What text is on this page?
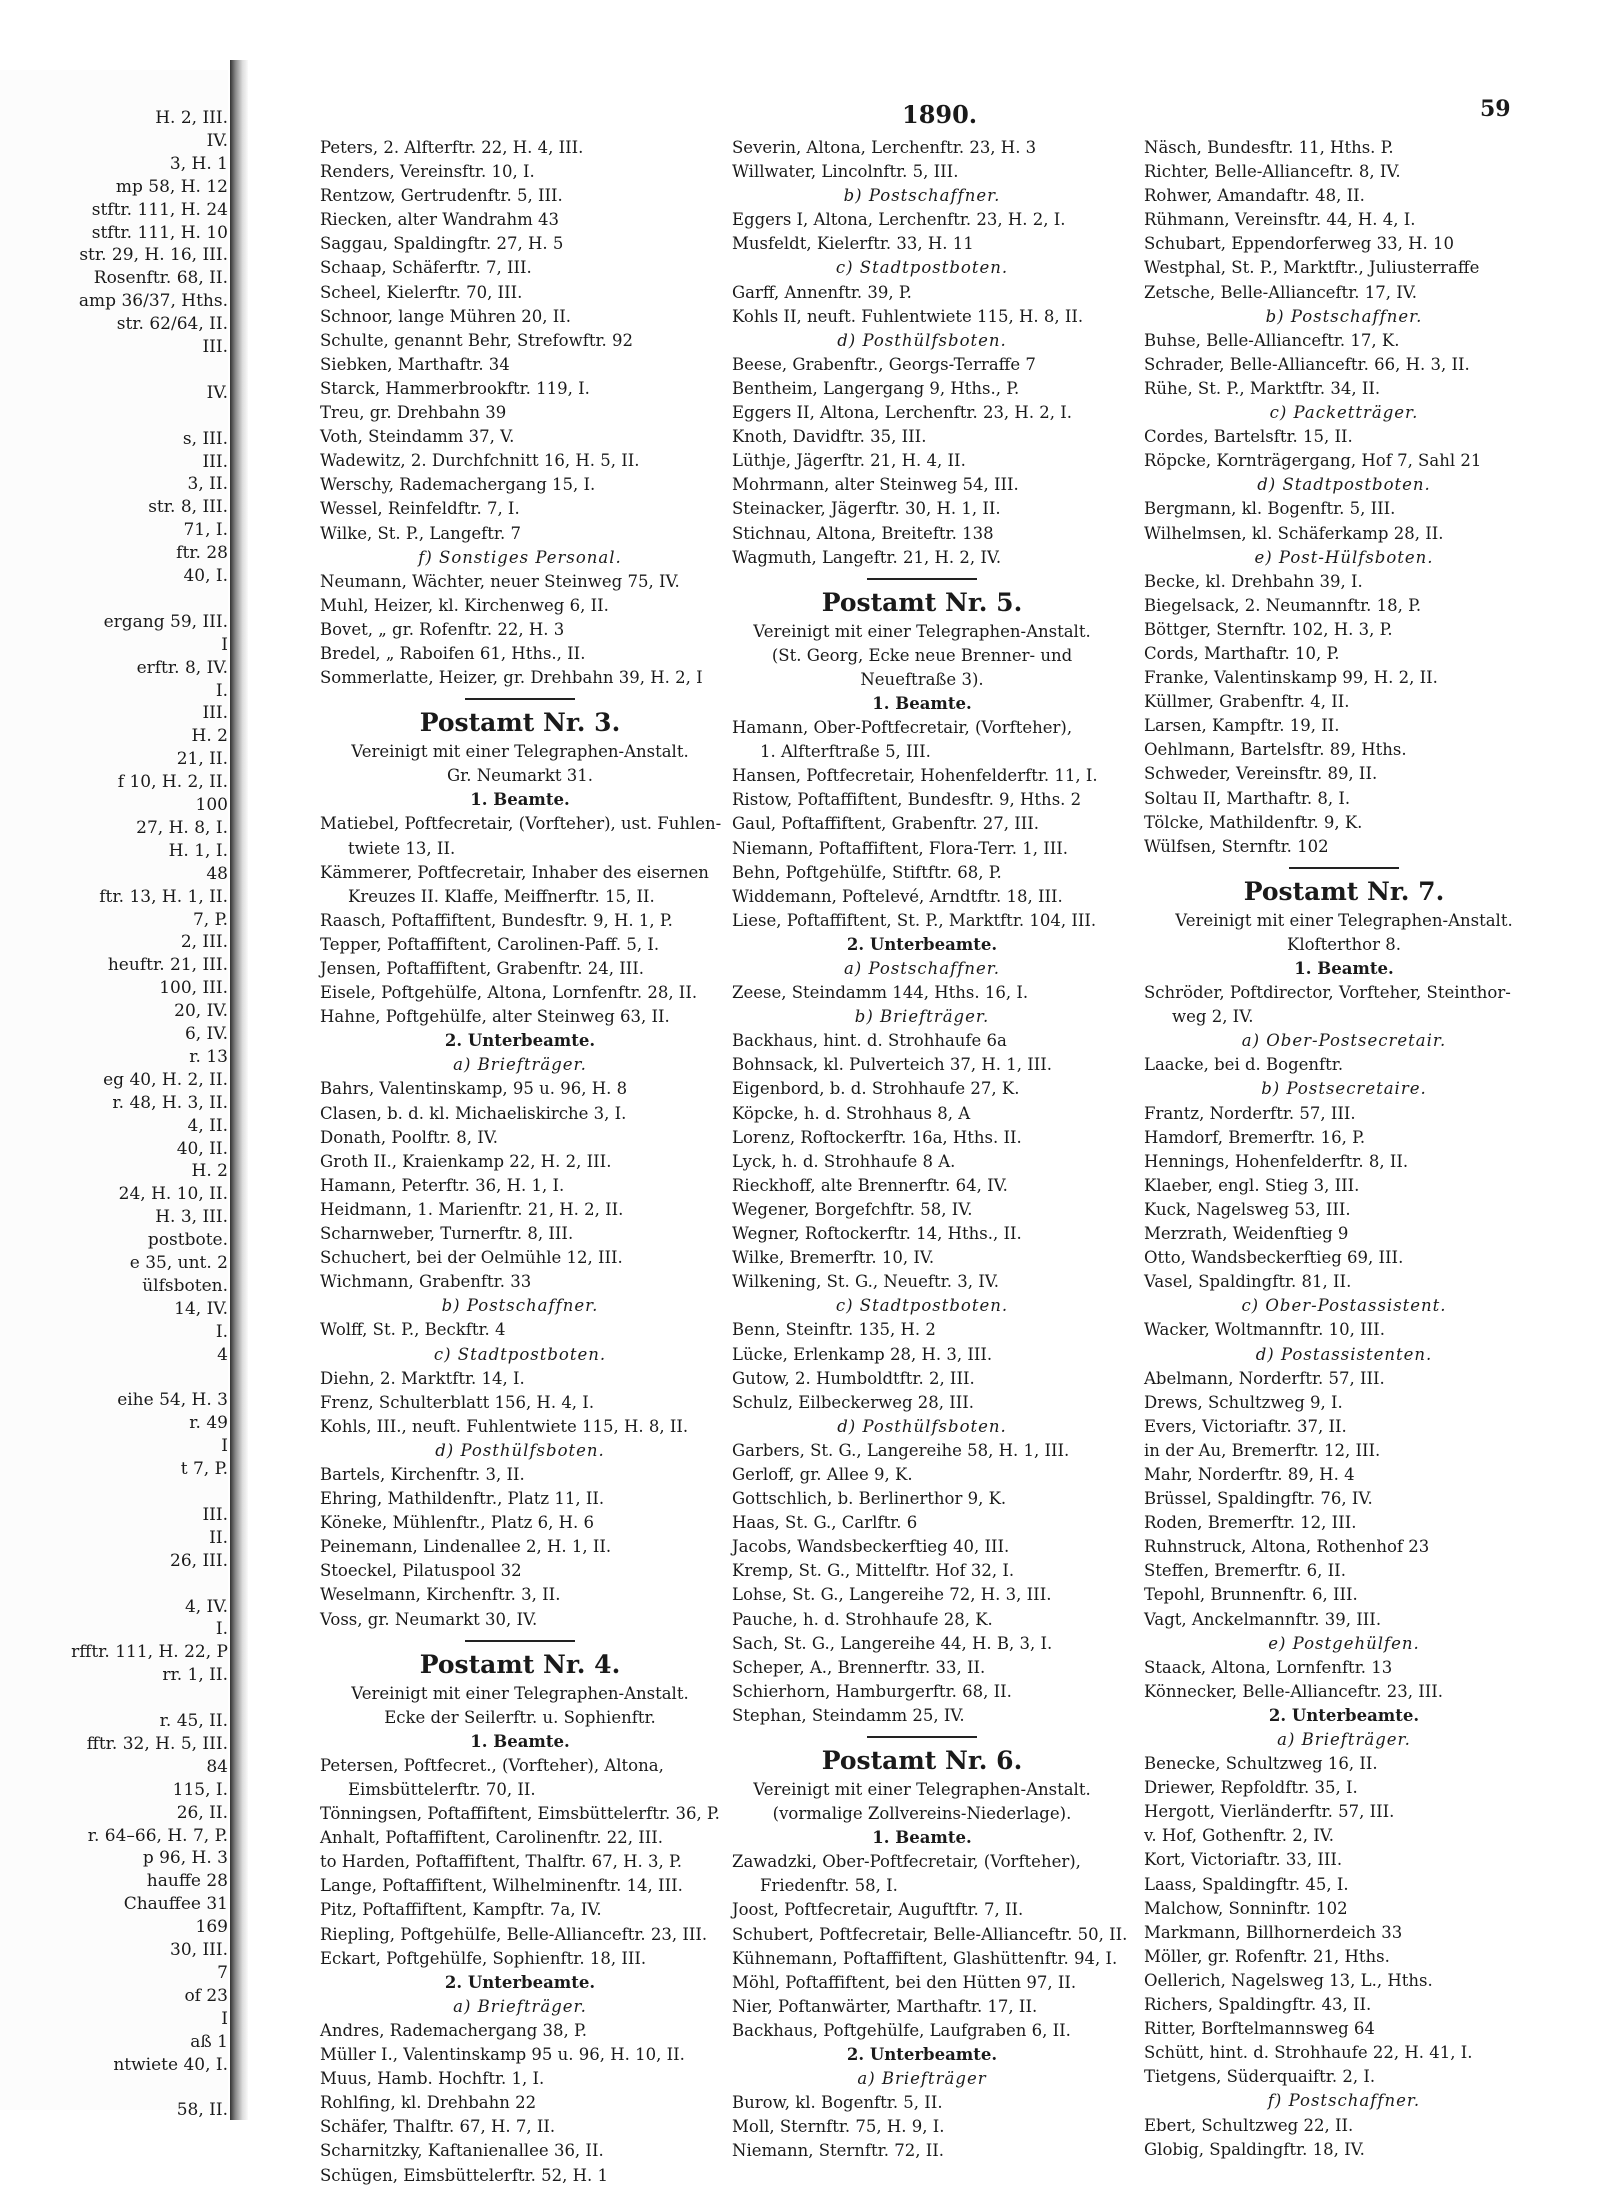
H. 2, III.
IV.
3, H. 1
mp 58, H. 12
stftr. 111, H. 24
stftr. 111, H. 10
str. 29, H. 16, III.
Rosenftr. 68, II.
amp 36/37, Hths.
str. 62/64, II.
III.
IV.
s, III.
III.
3, II.
str. 8, III.
71, I.
ftr. 28
40, I.
ergang 59, III.
I
erftr. 8, IV.
I.
III.
H. 2
21, II.
f 10, H. 2, II.
100
27, H. 8, I.
H. 1, I.
48
ftr. 13, H. 1, II.
7, P.
2, III.
heuftr. 21, III.
100, III.
20, IV.
6, IV.
r. 13
eg 40, H. 2, II.
r. 48, H. 3, II.
4, II.
40, II.
H. 2
24, H. 10, II.
H. 3, III.
postbote.
e 35, unt. 2
ülfsboten.
14, IV.
I.
4
eihe 54, H. 3
r. 49
I
t 7, P.
III.
II.
26, III.
4, IV.
I.
rfftr. 111, H. 22, P
rr. 1, II.
r. 45, II.
fftr. 32, H. 5, III.
84
115, I.
26, II.
r. 64–66, H. 7, P.
p 96, H. 3
hauffe 28
Chauffee 31
169
30, III.
7
of 23
I
aß 1
ntwiete 40, I.
58, II.
1890.	59
Peters, 2. Alfterftr. 22, H. 4, III.
Renders, Vereinsftr. 10, I.
Rentzow, Gertrudenftr. 5, III.
Riecken, alter Wandrahm 43
Saggau, Spaldingftr. 27, H. 5
Schaap, Schäferftr. 7, III.
Scheel, Kielerftr. 70, III.
Schnoor, lange Mühren 20, II.
Schulte, genannt Behr, Strefowftr. 92
Siebken, Marthaftr. 34
Starck, Hammerbrookftr. 119, I.
Treu, gr. Drehbahn 39
Voth, Steindamm 37, V.
Wadewitz, 2. Durchfchnitt 16, H. 5, II.
Werschy, Rademachergang 15, I.
Wessel, Reinfeldftr. 7, I.
Wilke, St. P., Langeftr. 7
f) Sonstiges Personal.
Neumann, Wächter, neuer Steinweg 75, IV.
Muhl, Heizer, kl. Kirchenweg 6, II.
Bovet, „ gr. Rofenftr. 22, H. 3
Bredel, „ Raboifen 61, Hths., II.
Sommerlatte, Heizer, gr. Drehbahn 39, H. 2, I
Postamt Nr. 3.
Vereinigt mit einer Telegraphen-Anstalt.
Gr. Neumarkt 31.
1. Beamte.
Matiebel, Poftfecretair, (Vorfteher), ust. Fuhlen-
twiete 13, II.
Kämmerer, Poftfecretair, Inhaber des eisernen
Kreuzes II. Klaffe, Meiffnerftr. 15, II.
Raasch, Poftaffiftent, Bundesftr. 9, H. 1, P.
Tepper, Poftaffiftent, Carolinen-Paff. 5, I.
Jensen, Poftaffiftent, Grabenftr. 24, III.
Eisele, Poftgehülfe, Altona, Lornfenftr. 28, II.
Hahne, Poftgehülfe, alter Steinweg 63, II.
2. Unterbeamte.
a) Briefträger.
Bahrs, Valentinskamp, 95 u. 96, H. 8
Clasen, b. d. kl. Michaeliskirche 3, I.
Donath, Poolftr. 8, IV.
Groth II., Kraienkamp 22, H. 2, III.
Hamann, Peterftr. 36, H. 1, I.
Heidmann, 1. Marienftr. 21, H. 2, II.
Scharnweber, Turnerftr. 8, III.
Schuchert, bei der Oelmühle 12, III.
Wichmann, Grabenftr. 33
b) Postschaffner.
Wolff, St. P., Beckftr. 4
c) Stadtpostboten.
Diehn, 2. Marktftr. 14, I.
Frenz, Schulterblatt 156, H. 4, I.
Kohls, III., neuft. Fuhlentwiete 115, H. 8, II.
d) Posthülfsboten.
Bartels, Kirchenftr. 3, II.
Ehring, Mathildenftr., Platz 11, II.
Köneke, Mühlenftr., Platz 6, H. 6
Peinemann, Lindenallee 2, H. 1, II.
Stoeckel, Pilatuspool 32
Weselmann, Kirchenftr. 3, II.
Voss, gr. Neumarkt 30, IV.
Postamt Nr. 4.
Vereinigt mit einer Telegraphen-Anstalt.
Ecke der Seilerftr. u. Sophienftr.
1. Beamte.
Petersen, Poftfecret., (Vorfteher), Altona,
Eimsbüttelerftr. 70, II.
Tönningsen, Poftaffiftent, Eimsbüttelerftr. 36, P.
Anhalt, Poftaffiftent, Carolinenftr. 22, III.
to Harden, Poftaffiftent, Thalftr. 67, H. 3, P.
Lange, Poftaffiftent, Wilhelminenftr. 14, III.
Pitz, Poftaffiftent, Kampftr. 7a, IV.
Riepling, Poftgehülfe, Belle-Allianceftr. 23, III.
Eckart, Poftgehülfe, Sophienftr. 18, III.
2. Unterbeamte.
a) Briefträger.
Andres, Rademachergang 38, P.
Müller I., Valentinskamp 95 u. 96, H. 10, II.
Muus, Hamb. Hochftr. 1, I.
Rohlfing, kl. Drehbahn 22
Schäfer, Thalftr. 67, H. 7, II.
Scharnitzky, Kaftanienallee 36, II.
Schügen, Eimsbüttelerftr. 52, H. 1
Severin, Altona, Lerchenftr. 23, H. 3
Willwater, Lincolnftr. 5, III.
b) Postschaffner.
Eggers I, Altona, Lerchenftr. 23, H. 2, I.
Musfeldt, Kielerftr. 33, H. 11
c) Stadtpostboten.
Garff, Annenftr. 39, P.
Kohls II, neuft. Fuhlentwiete 115, H. 8, II.
d) Posthülfsboten.
Beese, Grabenftr., Georgs-Terraffe 7
Bentheim, Langergang 9, Hths., P.
Eggers II, Altona, Lerchenftr. 23, H. 2, I.
Knoth, Davidftr. 35, III.
Lüthje, Jägerftr. 21, H. 4, II.
Mohrmann, alter Steinweg 54, III.
Steinacker, Jägerftr. 30, H. 1, II.
Stichnau, Altona, Breiteftr. 138
Wagmuth, Langeftr. 21, H. 2, IV.
Postamt Nr. 5.
Vereinigt mit einer Telegraphen-Anstalt.
(St. Georg, Ecke neue Brenner- und
Neueftraße 3).
1. Beamte.
Hamann, Ober-Poftfecretair, (Vorfteher),
1. Alfterftraße 5, III.
Hansen, Poftfecretair, Hohenfelderftr. 11, I.
Ristow, Poftaffiftent, Bundesftr. 9, Hths. 2
Gaul, Poftaffiftent, Grabenftr. 27, III.
Niemann, Poftaffiftent, Flora-Terr. 1, III.
Behn, Poftgehülfe, Stiftftr. 68, P.
Widdemann, Poftelevé, Arndtftr. 18, III.
Liese, Poftaffiftent, St. P., Marktftr. 104, III.
2. Unterbeamte.
a) Postschaffner.
Zeese, Steindamm 144, Hths. 16, I.
b) Briefträger.
Backhaus, hint. d. Strohhaufe 6a
Bohnsack, kl. Pulverteich 37, H. 1, III.
Eigenbord, b. d. Strohhaufe 27, K.
Köpcke, h. d. Strohhaus 8, A
Lorenz, Roftockerftr. 16a, Hths. II.
Lyck, h. d. Strohhaufe 8 A.
Rieckhoff, alte Brennerftr. 64, IV.
Wegener, Borgefchftr. 58, IV.
Wegner, Roftockerftr. 14, Hths., II.
Wilke, Bremerftr. 10, IV.
Wilkening, St. G., Neueftr. 3, IV.
c) Stadtpostboten.
Benn, Steinftr. 135, H. 2
Lücke, Erlenkamp 28, H. 3, III.
Gutow, 2. Humboldtftr. 2, III.
Schulz, Eilbeckerweg 28, III.
d) Posthülfsboten.
Garbers, St. G., Langereihe 58, H. 1, III.
Gerloff, gr. Allee 9, K.
Gottschlich, b. Berlinerthor 9, K.
Haas, St. G., Carlftr. 6
Jacobs, Wandsbeckerftieg 40, III.
Kremp, St. G., Mittelftr. Hof 32, I.
Lohse, St. G., Langereihe 72, H. 3, III.
Pauche, h. d. Strohhaufe 28, K.
Sach, St. G., Langereihe 44, H. B, 3, I.
Scheper, A., Brennerftr. 33, II.
Schierhorn, Hamburgerftr. 68, II.
Stephan, Steindamm 25, IV.
Postamt Nr. 6.
Vereinigt mit einer Telegraphen-Anstalt.
(vormalige Zollvereins-Niederlage).
1. Beamte.
Zawadzki, Ober-Poftfecretair, (Vorfteher),
Friedenftr. 58, I.
Joost, Poftfecretair, Auguftftr. 7, II.
Schubert, Poftfecretair, Belle-Allianceftr. 50, II.
Kühnemann, Poftaffiftent, Glashüttenftr. 94, I.
Möhl, Poftaffiftent, bei den Hütten 97, II.
Nier, Poftanwärter, Marthaftr. 17, II.
Backhaus, Poftgehülfe, Laufgraben 6, II.
2. Unterbeamte.
a) Briefträger
Burow, kl. Bogenftr. 5, II.
Moll, Sternftr. 75, H. 9, I.
Niemann, Sternftr. 72, II.
Näsch, Bundesftr. 11, Hths. P.
Richter, Belle-Allianceftr. 8, IV.
Rohwer, Amandaftr. 48, II.
Rühmann, Vereinsftr. 44, H. 4, I.
Schubart, Eppendorferweg 33, H. 10
Westphal, St. P., Marktftr., Juliusterraffe
Zetsche, Belle-Allianceftr. 17, IV.
b) Postschaffner.
Buhse, Belle-Allianceftr. 17, K.
Schrader, Belle-Allianceftr. 66, H. 3, II.
Rühe, St. P., Marktftr. 34, II.
c) Packetträger.
Cordes, Bartelsftr. 15, II.
Röpcke, Kornträgergang, Hof 7, Sahl 21
d) Stadtpostboten.
Bergmann, kl. Bogenftr. 5, III.
Wilhelmsen, kl. Schäferkamp 28, II.
e) Post-Hülfsboten.
Becke, kl. Drehbahn 39, I.
Biegelsack, 2. Neumannftr. 18, P.
Böttger, Sternftr. 102, H. 3, P.
Cords, Marthaftr. 10, P.
Franke, Valentinskamp 99, H. 2, II.
Küllmer, Grabenftr. 4, II.
Larsen, Kampftr. 19, II.
Oehlmann, Bartelsftr. 89, Hths.
Schweder, Vereinsftr. 89, II.
Soltau II, Marthaftr. 8, I.
Tölcke, Mathildenftr. 9, K.
Wülfsen, Sternftr. 102
Postamt Nr. 7.
Vereinigt mit einer Telegraphen-Anstalt.
Klofterthor 8.
1. Beamte.
Schröder, Poftdirector, Vorfteher, Steinthor-
weg 2, IV.
a) Ober-Postsecretair.
Laacke, bei d. Bogenftr.
b) Postsecretaire.
Frantz, Norderftr. 57, III.
Hamdorf, Bremerftr. 16, P.
Hennings, Hohenfelderftr. 8, II.
Klaeber, engl. Stieg 3, III.
Kuck, Nagelsweg 53, III.
Merzrath, Weidenftieg 9
Otto, Wandsbeckerftieg 69, III.
Vasel, Spaldingftr. 81, II.
c) Ober-Postassistent.
Wacker, Woltmannftr. 10, III.
d) Postassistenten.
Abelmann, Norderftr. 57, III.
Drews, Schultzweg 9, I.
Evers, Victoriaftr. 37, II.
in der Au, Bremerftr. 12, III.
Mahr, Norderftr. 89, H. 4
Brüssel, Spaldingftr. 76, IV.
Roden, Bremerftr. 12, III.
Ruhnstruck, Altona, Rothenhof 23
Steffen, Bremerftr. 6, II.
Tepohl, Brunnenftr. 6, III.
Vagt, Anckelmannftr. 39, III.
e) Postgehülfen.
Staack, Altona, Lornfenftr. 13
Könnecker, Belle-Allianceftr. 23, III.
2. Unterbeamte.
a) Briefträger.
Benecke, Schultzweg 16, II.
Driewer, Repfoldftr. 35, I.
Hergott, Vierländerftr. 57, III.
v. Hof, Gothenftr. 2, IV.
Kort, Victoriaftr. 33, III.
Laass, Spaldingftr. 45, I.
Malchow, Sonninftr. 102
Markmann, Billhornerdeich 33
Möller, gr. Rofenftr. 21, Hths.
Oellerich, Nagelsweg 13, L., Hths.
Richers, Spaldingftr. 43, II.
Ritter, Borftelmannsweg 64
Schütt, hint. d. Strohhaufe 22, H. 41, I.
Tietgens, Süderquaiftr. 2, I.
f) Postschaffner.
Ebert, Schultzweg 22, II.
Globig, Spaldingftr. 18, IV.
